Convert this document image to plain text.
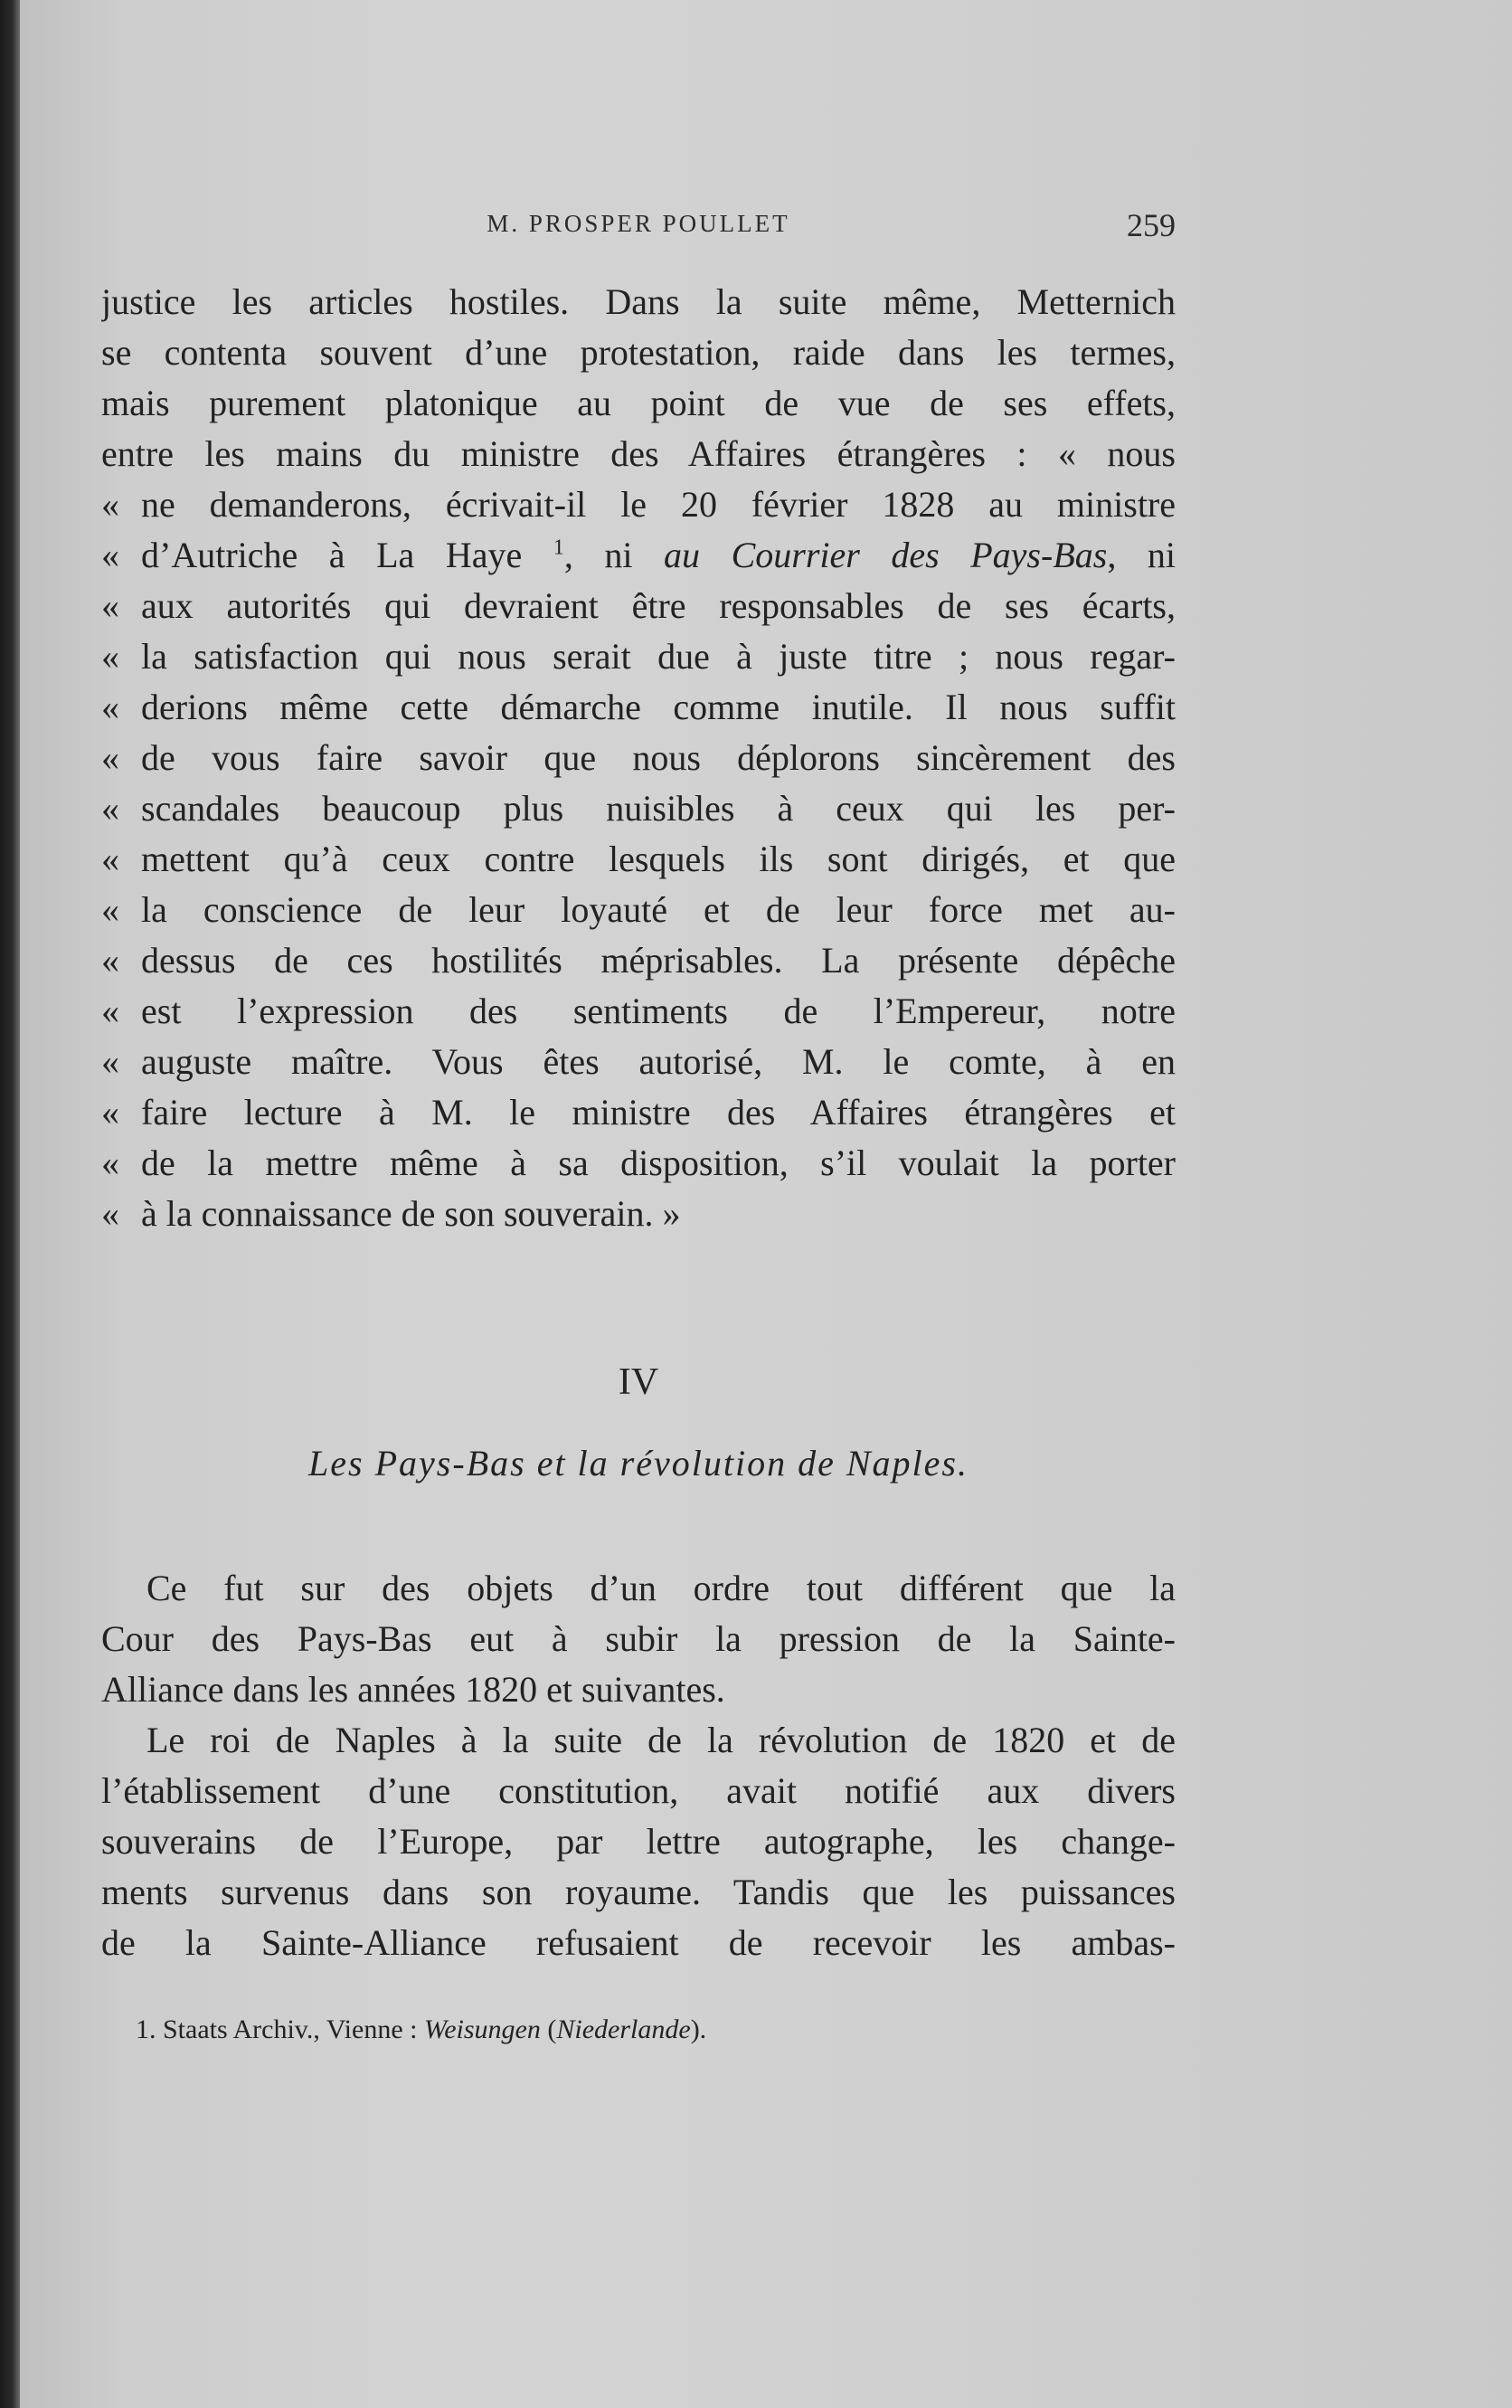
M. PROSPER POULLET	259
justice les articles hostiles. Dans la suite même, Metternich
se contenta souvent d’une protestation, raide dans les termes,
mais purement platonique au point de vue de ses effets,
entre les mains du ministre des Affaires étrangères : « nous
« ne demanderons, écrivait-il le 20 février 1828 au ministre
« d’Autriche à La Haye $^1$, ni au Courrier des Pays-Bas, ni
« aux autorités qui devraient être responsables de ses écarts,
« la satisfaction qui nous serait due à juste titre ; nous regar-
« derions même cette démarche comme inutile. Il nous suffit
« de vous faire savoir que nous déplorons sincèrement des
« scandales beaucoup plus nuisibles à ceux qui les per-
« mettent qu’à ceux contre lesquels ils sont dirigés, et que
« la conscience de leur loyauté et de leur force met au-
« dessus de ces hostilités méprisables. La présente dépêche
« est l’expression des sentiments de l’Empereur, notre
« auguste maître. Vous êtes autorisé, M. le comte, à en
« faire lecture à M. le ministre des Affaires étrangères et
« de la mettre même à sa disposition, s’il voulait la porter
« à la connaissance de son souverain. »
IV
Les Pays-Bas et la révolution de Naples.
Ce fut sur des objets d’un ordre tout différent que la
Cour des Pays-Bas eut à subir la pression de la Sainte-
Alliance dans les années 1820 et suivantes.
Le roi de Naples à la suite de la révolution de 1820 et de
l’établissement d’une constitution, avait notifié aux divers
souverains de l’Europe, par lettre autographe, les change-
ments survenus dans son royaume. Tandis que les puissances
de la Sainte-Alliance refusaient de recevoir les ambas-
1. Staats Archiv., Vienne : Weisungen (Niederlande).
